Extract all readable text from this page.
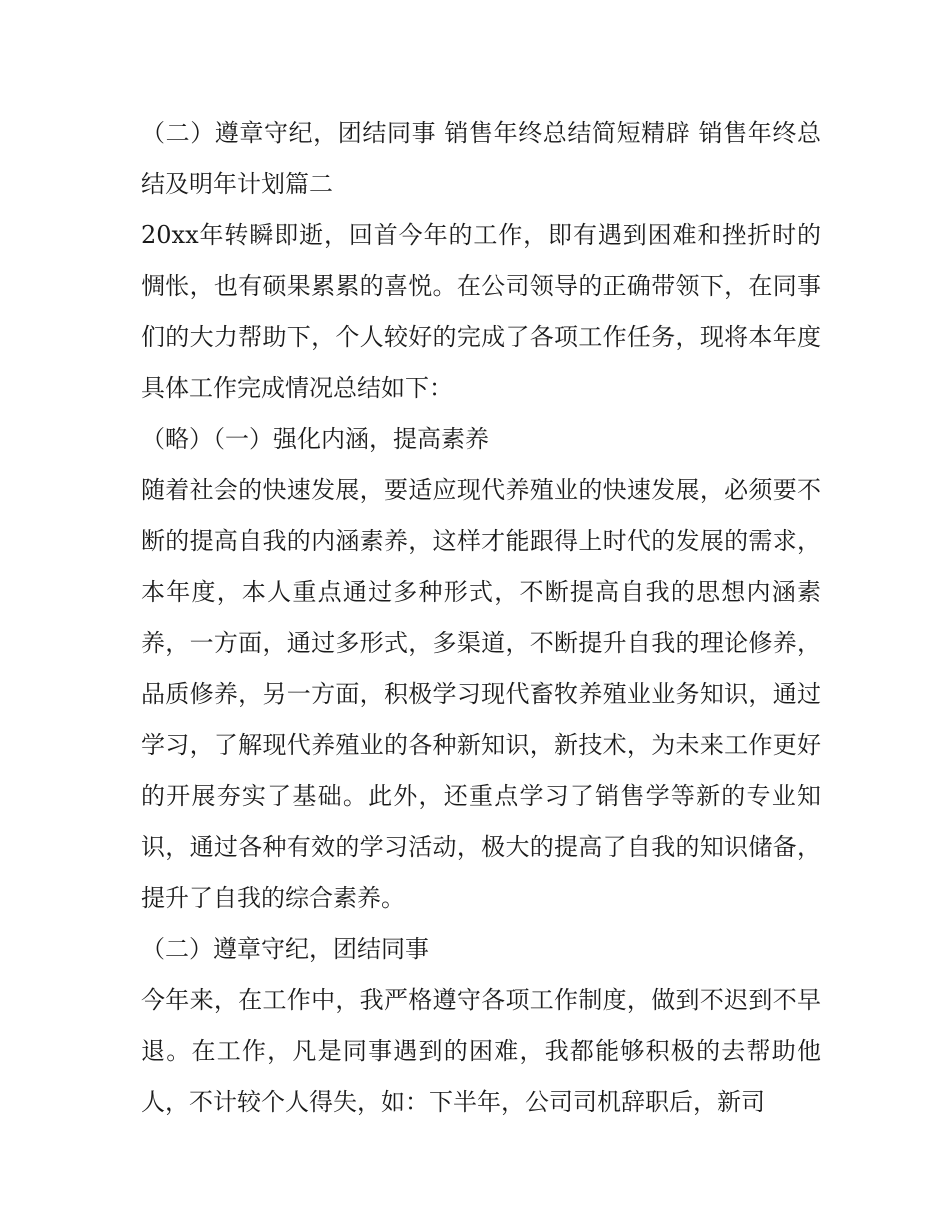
（二）遵章守纪，团结同事 销售年终总结简短精辟 销售年终总结及明年计划篇二

20xx年转瞬即逝，回首今年的工作，即有遇到困难和挫折时的惆怅，也有硕果累累的喜悦。在公司领导的正确带领下，在同事们的大力帮助下，个人较好的完成了各项工作任务，现将本年度具体工作完成情况总结如下：

（略）（一）强化内涵，提高素养

随着社会的快速发展，要适应现代养殖业的快速发展，必须要不断的提高自我的内涵素养，这样才能跟得上时代的发展的需求，本年度，本人重点通过多种形式，不断提高自我的思想内涵素养，一方面，通过多形式，多渠道，不断提升自我的理论修养，品质修养，另一方面，积极学习现代畜牧养殖业业务知识，通过学习，了解现代养殖业的各种新知识，新技术，为未来工作更好的开展夯实了基础。此外，还重点学习了销售学等新的专业知识，通过各种有效的学习活动，极大的提高了自我的知识储备，提升了自我的综合素养。

（二）遵章守纪，团结同事

今年来，在工作中，我严格遵守各项工作制度，做到不迟到不早退。在工作，凡是同事遇到的困难，我都能够积极的去帮助他人，不计较个人得失，如：下半年，公司司机辞职后，新司
